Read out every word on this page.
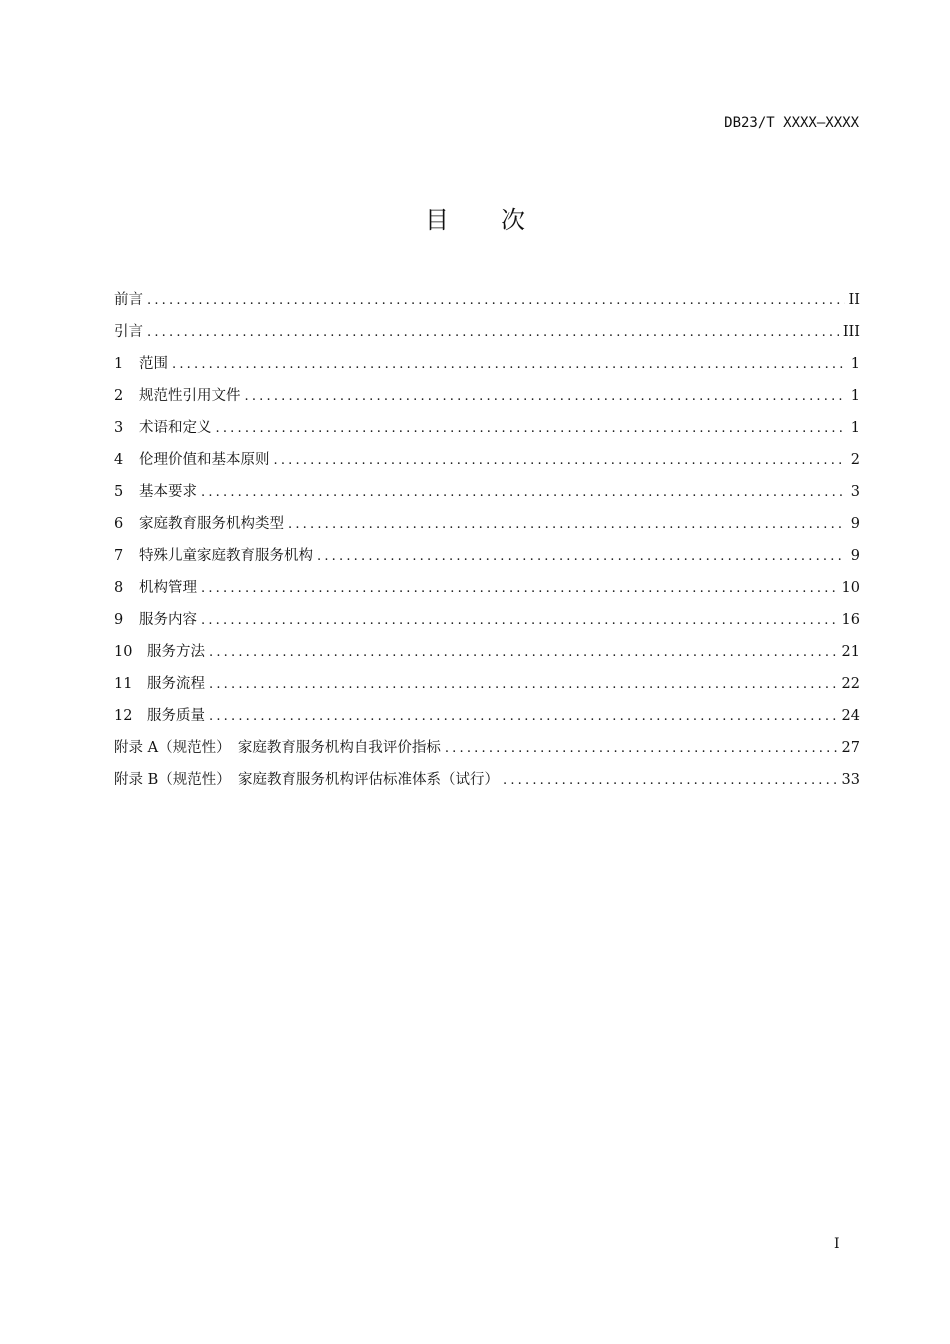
DB23/T XXXX—XXXX
目次
前言 .....	II
引言 .....	III
1	范围 .....	1
2	规范性引用文件 .....	1
3	术语和定义 .....	1
4	伦理价值和基本原则 .....	2
5	基本要求 .....	3
6	家庭教育服务机构类型 .....	9
7	特殊儿童家庭教育服务机构 .....	9
8	机构管理 .....	10
9	服务内容 .....	16
10	服务方法 .....	21
11	服务流程 .....	22
12	服务质量 .....	24
附录 A（规范性）　家庭教育服务机构自我评价指标 .....	27
附录 B（规范性）　家庭教育服务机构评估标准体系（试行） .....	33
I
